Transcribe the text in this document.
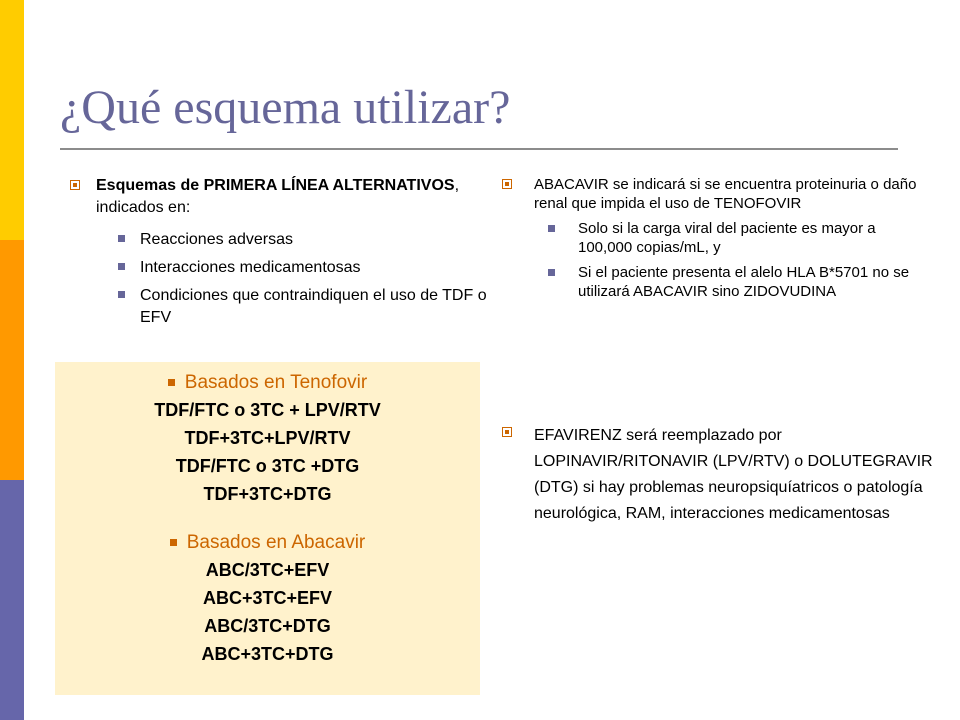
¿Qué esquema utilizar?
Esquemas de PRIMERA LÍNEA ALTERNATIVOS, indicados en:
Reacciones adversas
Interacciones medicamentosas
Condiciones que contraindiquen el uso de TDF o EFV
Basados en Tenofovir
TDF/FTC o 3TC + LPV/RTV
TDF+3TC+LPV/RTV
TDF/FTC o 3TC +DTG
TDF+3TC+DTG
Basados en Abacavir
ABC/3TC+EFV
ABC+3TC+EFV
ABC/3TC+DTG
ABC+3TC+DTG
ABACAVIR se indicará si se encuentra proteinuria o daño renal que impida el uso de TENOFOVIR
Solo si la carga viral del paciente es mayor a 100,000 copias/mL, y
Si el paciente presenta el alelo HLA B*5701 no se utilizará ABACAVIR sino ZIDOVUDINA
EFAVIRENZ será reemplazado por LOPINAVIR/RITONAVIR (LPV/RTV) o DOLUTEGRAVIR (DTG) si hay problemas neuropsiquíatricos o patología neurológica, RAM, interacciones medicamentosas
